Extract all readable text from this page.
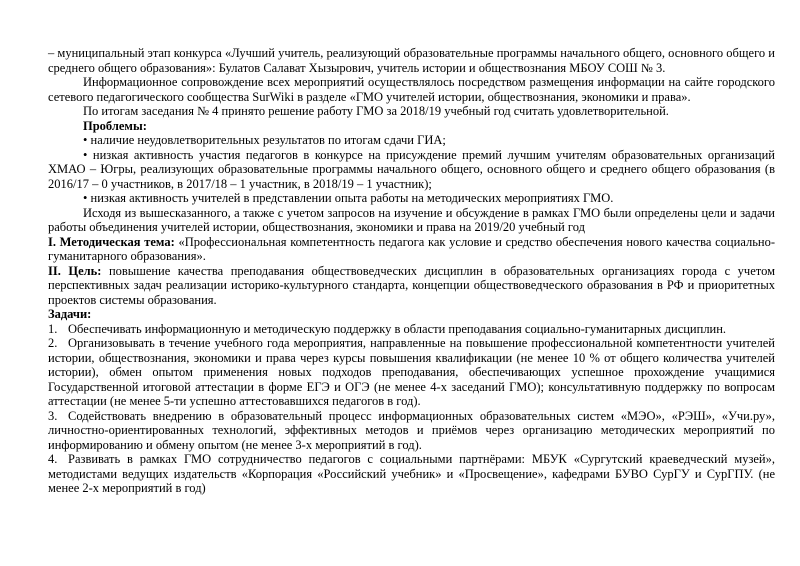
– муниципальный этап конкурса «Лучший учитель, реализующий образовательные программы начального общего, основного общего и среднего общего образования»: Булатов Салават Хызырович, учитель истории и обществознания МБОУ СОШ № 3.

Информационное сопровождение всех мероприятий осуществлялось посредством размещения информации на сайте городского сетевого педагогического сообщества SurWiki в разделе «ГМО учителей истории, обществознания, экономики и права».

По итогам заседания № 4 принято решение работу ГМО за 2018/19 учебный год считать удовлетворительной.

Проблемы:

• наличие неудовлетворительных результатов по итогам сдачи ГИА;

• низкая активность участия педагогов в конкурсе на присуждение премий лучшим учителям образовательных организаций ХМАО – Югры, реализующих образовательные программы начального общего, основного общего и среднего общего образования (в 2016/17 – 0 участников, в 2017/18 – 1 участник, в 2018/19 – 1 участник);

• низкая активность учителей в представлении опыта работы на методических мероприятиях ГМО.

Исходя из вышесказанного, а также с учетом запросов на изучение и обсуждение в рамках ГМО были определены цели и задачи работы объединения учителей истории, обществознания, экономики и права на 2019/20 учебный год

I. Методическая тема: «Профессиональная компетентность педагога как условие и средство обеспечения нового качества социально-гуманитарного образования».

II. Цель: повышение качества преподавания обществоведческих дисциплин в образовательных организациях города с учетом перспективных задач реализации историко-культурного стандарта, концепции обществоведческого образования в РФ и приоритетных проектов системы образования.

Задачи:

1. Обеспечивать информационную и методическую поддержку в области преподавания социально-гуманитарных дисциплин.

2. Организовывать в течение учебного года мероприятия, направленные на повышение профессиональной компетентности учителей истории, обществознания, экономики и права через курсы повышения квалификации (не менее 10 % от общего количества учителей истории), обмен опытом применения новых подходов преподавания, обеспечивающих успешное прохождение учащимися Государственной итоговой аттестации в форме ЕГЭ и ОГЭ (не менее 4-х заседаний ГМО); консультативную поддержку по вопросам аттестации (не менее 5-ти успешно аттестовавшихся педагогов в год).

3. Содействовать внедрению в образовательный процесс информационных образовательных систем «МЭО», «РЭШ», «Учи.ру», личностно-ориентированных технологий, эффективных методов и приёмов через организацию методических мероприятий по информированию и обмену опытом (не менее 3-х мероприятий в год).

4. Развивать в рамках ГМО сотрудничество педагогов с социальными партнёрами: МБУК «Сургутский краеведческий музей», методистами ведущих издательств «Корпорация «Российский учебник» и «Просвещение», кафедрами БУВО СурГУ и СурГПУ. (не менее 2-х мероприятий в год)
